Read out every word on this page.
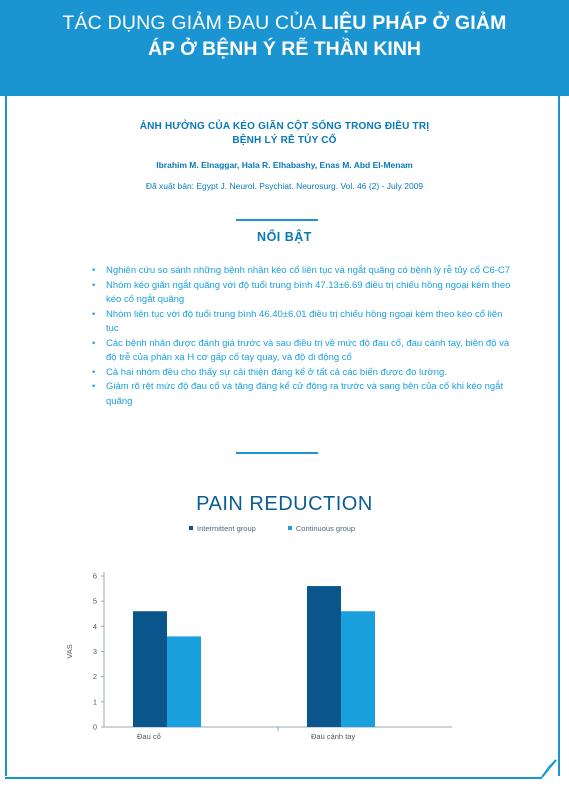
TÁC DỤNG GIẢM ĐAU CỦA LIỆU PHÁP Ở GIẢM
ÁP Ở BỆNH Ý RỄ THẦN KINH
ẢNH HƯỞNG CỦA KÉO GIÃN CỘT SỐNG TRONG ĐIỀU TRỊ
BỆNH LÝ RỄ TỦY CỔ
Ibrahim M. Elnaggar, Hala R. Elhabashy, Enas M. Abd El-Menam
Đã xuất bản: Egypt J. Neurol. Psychiat. Neurosurg. Vol. 46 (2) - July 2009
NỔI BẬT
• Nghiên cứu so sánh những bệnh nhân kéo cổ liên tục và ngắt quãng có bệnh lý rễ tủy cổ C6-C7
• Nhóm kéo giãn ngắt quãng với độ tuổi trung bình 47.13±6.69 điều trị chiếu hồng ngoại kèm theo kéo cổ ngắt quãng
• Nhóm liên tục với độ tuổi trung bình 46.40±6.01 điều trị chiếu hồng ngoại kèm theo kéo cổ liên tục
• Các bệnh nhân được đánh giá trước và sau điều trị về mức độ đau cổ, đau cánh tay, biên độ và độ trễ của phản xạ H cơ gấp cổ tay quay, và độ di động cổ
• Cả hai nhóm đều cho thấy sự cải thiện đáng kể ở tất cả các biến được đo lường.
• Giảm rõ rệt mức độ đau cổ và tăng đáng kể cử động ra trước và sang bên của cổ khi kéo ngắt quãng
PAIN REDUCTION
Intermittent group
	Continuous group
0
1
2
3
4
5
6
VAS
Đau cổ	Đau cánh tay
